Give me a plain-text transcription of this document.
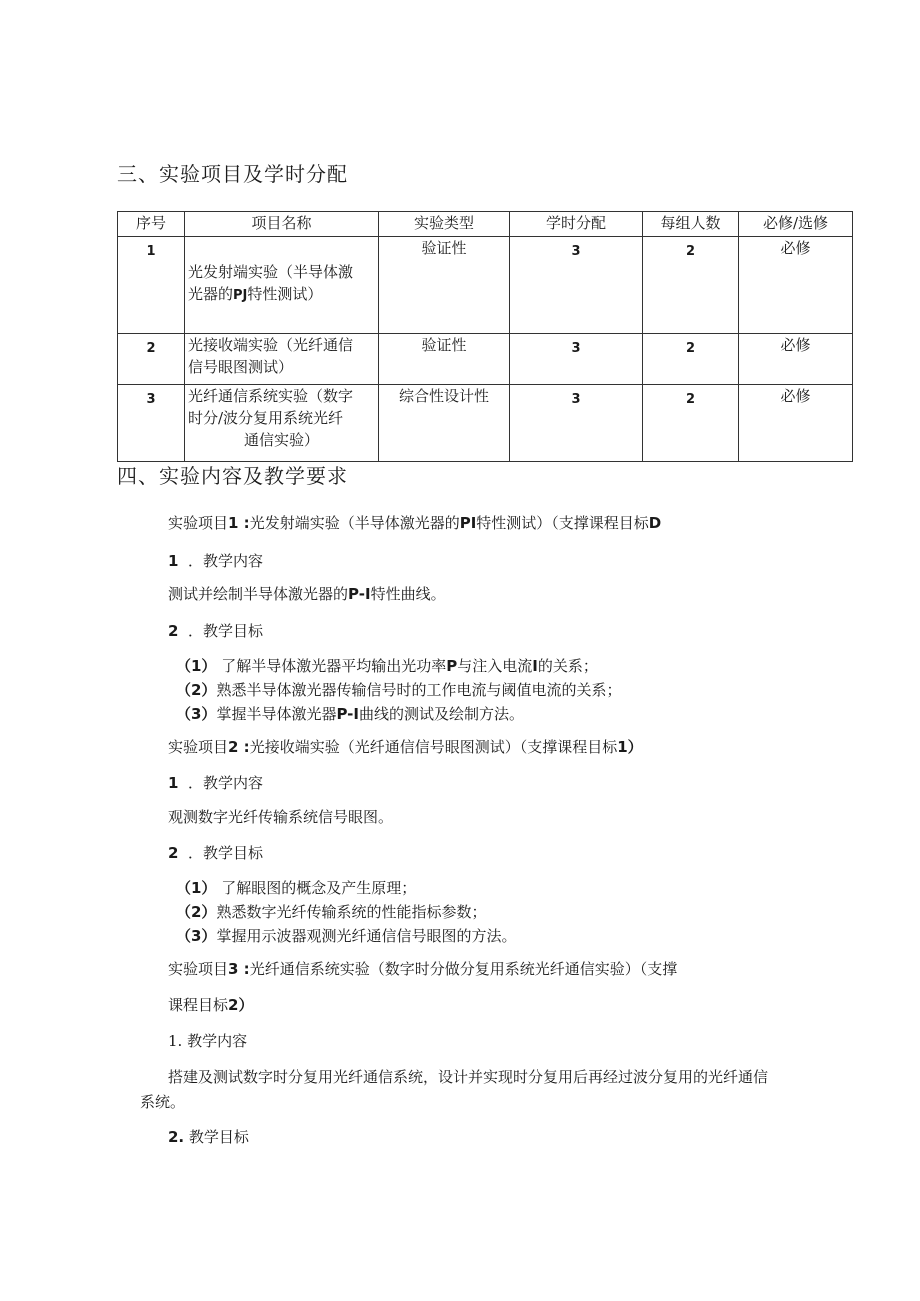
三、实验项目及学时分配
序号	项目名称	实验类型	学时分配	每组人数	必修/选修
1	光发射端实验（半导体激
光器的PJ特性测试）	验证性	3	2	必修
2	光接收端实验（光纤通信
信号眼图测试）	验证性	3	2	必修
3	光纤通信系统实验（数字
时分/波分复用系统光纤
通信实验）	综合性设计性	3	2	必修
四、实验内容及教学要求
实验项目1 :光发射端实验（半导体激光器的PI特性测试）（支撑课程目标D
1 ．教学内容
测试并绘制半导体激光器的P-I特性曲线。
2 ．教学目标
（1） 了解半导体激光器平均输出光功率P与注入电流I的关系；
（2）熟悉半导体激光器传输信号时的工作电流与阈值电流的关系；
（3）掌握半导体激光器P-I曲线的测试及绘制方法。
实验项目2 :光接收端实验（光纤通信信号眼图测试）（支撑课程目标1）
1 ．教学内容
观测数字光纤传输系统信号眼图。
2 ．教学目标
（1） 了解眼图的概念及产生原理；
（2）熟悉数字光纤传输系统的性能指标参数；
（3）掌握用示波器观测光纤通信信号眼图的方法。
实验项目3 :光纤通信系统实验（数字时分做分复用系统光纤通信实验）（支撑
课程目标2）
1. 教学内容
搭建及测试数字时分复用光纤通信系统，设计并实现时分复用后再经过波分复用的光纤通信
系统。
2. 教学目标
